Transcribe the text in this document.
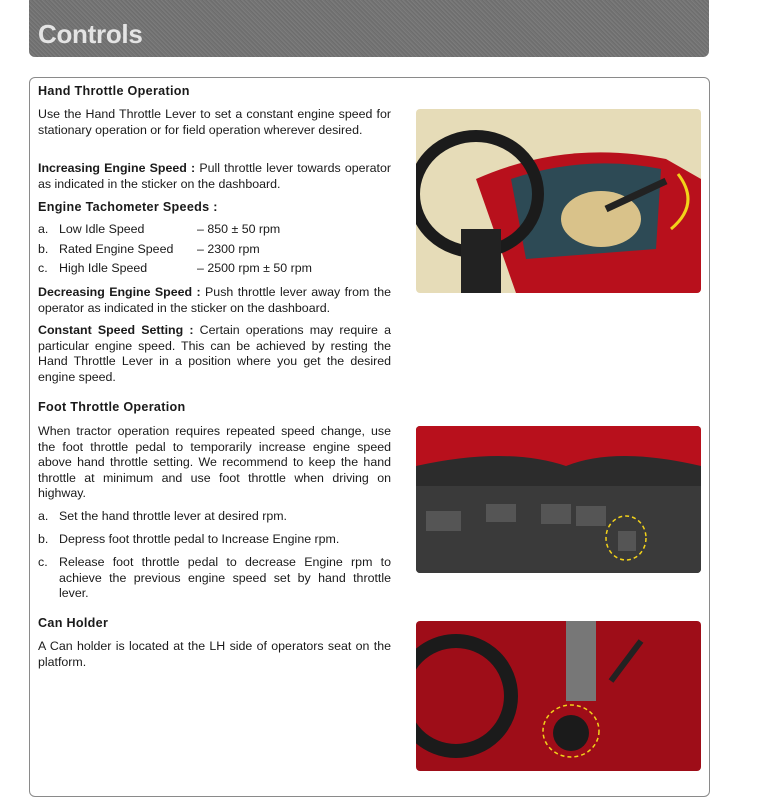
Controls
Hand Throttle Operation
Use the Hand Throttle Lever to set a constant engine speed for stationary operation or for field operation wherever desired.
Increasing Engine Speed : Pull throttle lever towards operator as indicated in the sticker on the dashboard.
Engine Tachometer Speeds :
a. Low Idle Speed	– 850 ± 50 rpm
b. Rated Engine Speed	– 2300 rpm
c. High Idle Speed	– 2500 rpm ± 50 rpm
Decreasing Engine Speed : Push throttle lever away from the operator as indicated in the sticker on the dashboard.
Constant Speed Setting : Certain operations may require a particular engine speed. This can be achieved by resting the Hand Throttle Lever in a position where you get the desired engine speed.
Foot Throttle Operation
When tractor operation requires repeated speed change, use the foot throttle pedal to temporarily increase engine speed above hand throttle setting. We recommend to keep the hand throttle at minimum and use foot throttle when driving on highway.
a. Set the hand throttle lever at desired rpm.
b. Depress foot throttle pedal to Increase Engine rpm.
c. Release foot throttle pedal to decrease Engine rpm to achieve the previous engine speed set by hand throttle lever.
Can Holder
A Can holder is located at the LH side of operators seat on the platform.
